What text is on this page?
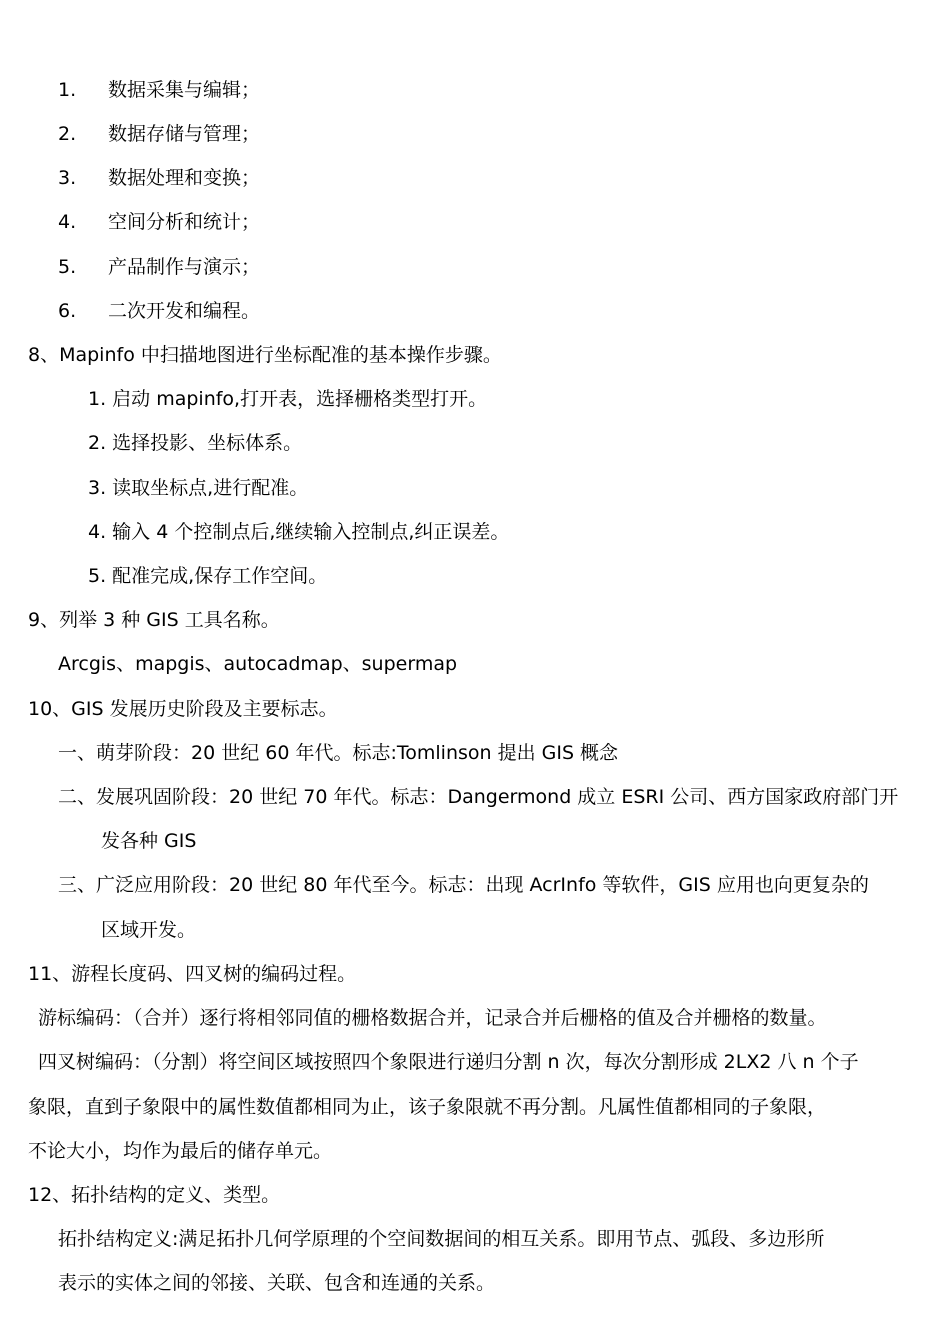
1. 数据采集与编辑；
2. 数据存储与管理；
3. 数据处理和变换；
4. 空间分析和统计；
5. 产品制作与演示；
6. 二次开发和编程。
8、Mapinfo 中扫描地图进行坐标配准的基本操作步骤。
1. 启动 mapinfo,打开表，选择栅格类型打开。
2. 选择投影、坐标体系。
3. 读取坐标点,进行配准。
4. 输入 4 个控制点后,继续输入控制点,纠正误差。
5. 配准完成,保存工作空间。
9、列举 3 种 GIS 工具名称。
Arcgis、mapgis、autocadmap、supermap
10、GIS 发展历史阶段及主要标志。
一、萌芽阶段：20 世纪 60 年代。标志:Tomlinson 提出 GIS 概念
二、发展巩固阶段：20 世纪 70 年代。标志：Dangermond 成立 ESRI 公司、西方国家政府部门开
发各种 GIS
三、广泛应用阶段：20 世纪 80 年代至今。标志：出现 AcrInfo 等软件，GIS 应用也向更复杂的
区域开发。
11、游程长度码、四叉树的编码过程。
游标编码：（合并）逐行将相邻同值的栅格数据合并，记录合并后栅格的值及合并栅格的数量。
四叉树编码：（分割）将空间区域按照四个象限进行递归分割 n 次，每次分割形成 2LX2 八 n 个子
象限，直到子象限中的属性数值都相同为止，该子象限就不再分割。凡属性值都相同的子象限，
不论大小，均作为最后的储存单元。
12、拓扑结构的定义、类型。
拓扑结构定义:满足拓扑几何学原理的个空间数据间的相互关系。即用节点、弧段、多边形所
表示的实体之间的邻接、关联、包含和连通的关系。
